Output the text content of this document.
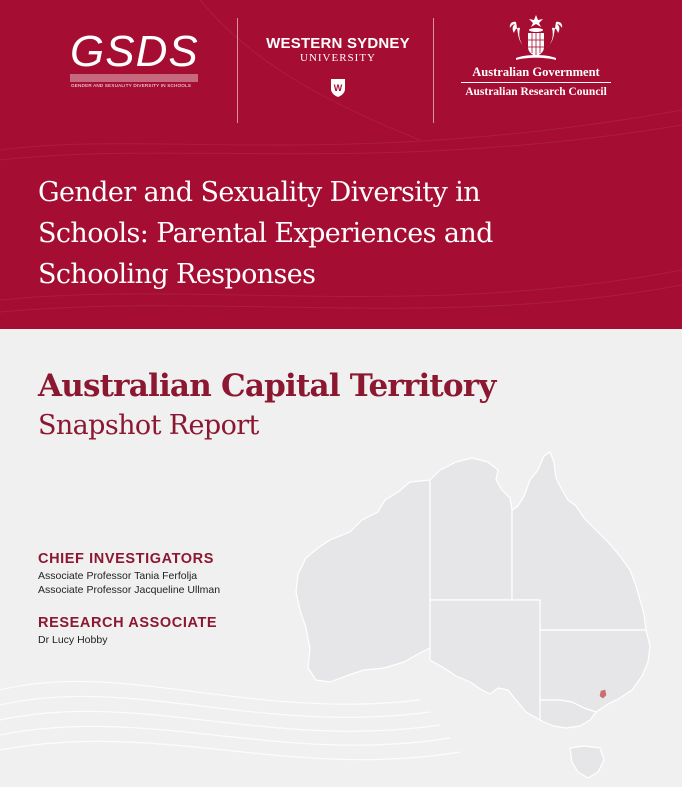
GSDS
GENDER AND SEXUALITY DIVERSITY IN SCHOOLS
WESTERN SYDNEY
UNIVERSITY
W
Australian Government
Australian Research Council
Gender and Sexuality Diversity in
Schools: Parental Experiences and
Schooling Responses
Australian Capital Territory
Snapshot Report
CHIEF INVESTIGATORS
Associate Professor Tania Ferfolja
Associate Professor Jacqueline Ullman
RESEARCH ASSOCIATE
Dr Lucy Hobby
